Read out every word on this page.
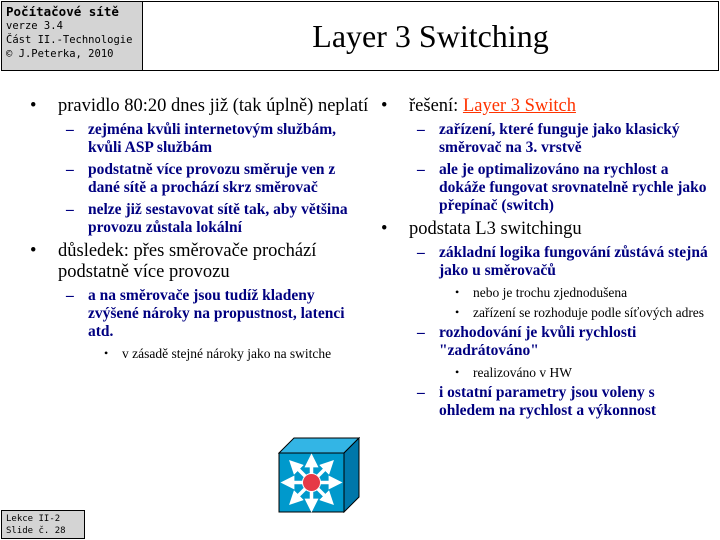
Počítačové sítě
verze 3.4
Část II.-Technologie
© J.Peterka, 2010
Layer 3 Switching
• pravidlo 80:20 dnes již (tak úplně) neplatí
– zejména kvůli internetovým službám, kvůli ASP službám
– podstatně více provozu směruje ven z dané sítě a prochází skrz směrovač
– nelze již sestavovat sítě tak, aby většina provozu zůstala lokální
• důsledek: přes směrovače prochází podstatně více provozu
– a na směrovače jsou tudíž kladeny zvýšené nároky na propustnost, latenci atd.
• v zásadě stejné nároky jako na switche
• řešení: Layer 3 Switch
– zařízení, které funguje jako klasický směrovač na 3. vrstvě
– ale je optimalizováno na rychlost a dokáže fungovat srovnatelně rychle jako přepínač (switch)
• podstata L3 switchingu
– základní logika fungování zůstává stejná jako u směrovačů
• nebo je trochu zjednodušena
• zařízení se rozhoduje podle síťových adres
– rozhodování je kvůli rychlosti "zadrátováno"
• realizováno v HW
– i ostatní parametry jsou voleny s ohledem na rychlost a výkonnost
Lekce II-2
Slide č. 28
